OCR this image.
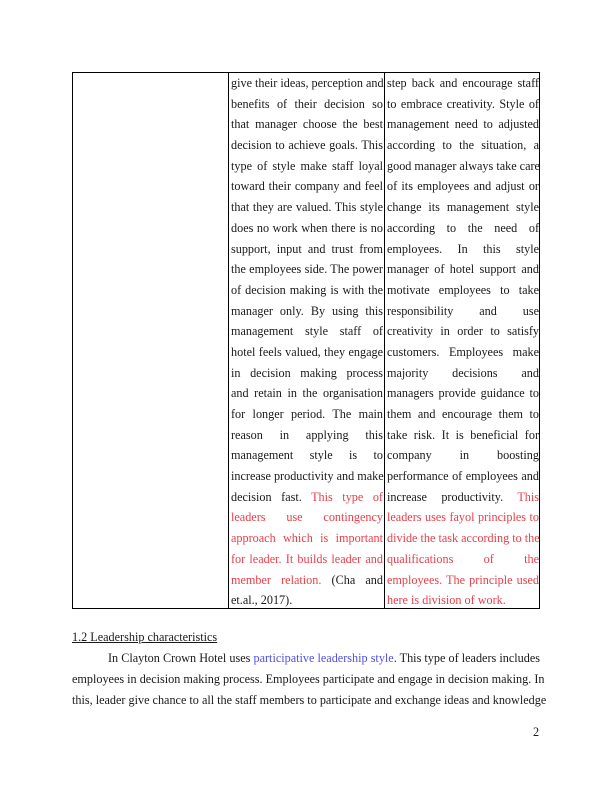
give their ideas, perception and
benefits of their decision so
that manager choose the best
decision to achieve goals. This
type of style make staff loyal
toward their company and feel
that they are valued. This style
does no work when there is no
support, input and trust from
the employees side. The power
of decision making is with the
manager only. By using this
management style staff of
hotel feels valued, they engage
in decision making process
and retain in the organisation
for longer period. The main
reason in applying this
management style is to
increase productivity and make
decision fast. This type of
leaders use contingency
approach which is important
for leader. It builds leader and
member relation. (Cha and
et.al., 2017).
step back and encourage staff
to embrace creativity. Style of
management need to adjusted
according to the situation, a
good manager always take care
of its employees and adjust or
change its management style
according to the need of
employees. In this style
manager of hotel support and
motivate employees to take
responsibility and use
creativity in order to satisfy
customers. Employees make
majority decisions and
managers provide guidance to
them and encourage them to
take risk. It is beneficial for
company in boosting
performance of employees and
increase productivity. This
leaders uses fayol principles to
divide the task according to the
qualifications of the
employees. The principle used
here is division of work.
1.2 Leadership characteristics
In Clayton Crown Hotel uses participative leadership style. This type of leaders includes
employees in decision making process. Employees participate and engage in decision making. In
this, leader give chance to all the staff members to participate and exchange ideas and knowledge
2
